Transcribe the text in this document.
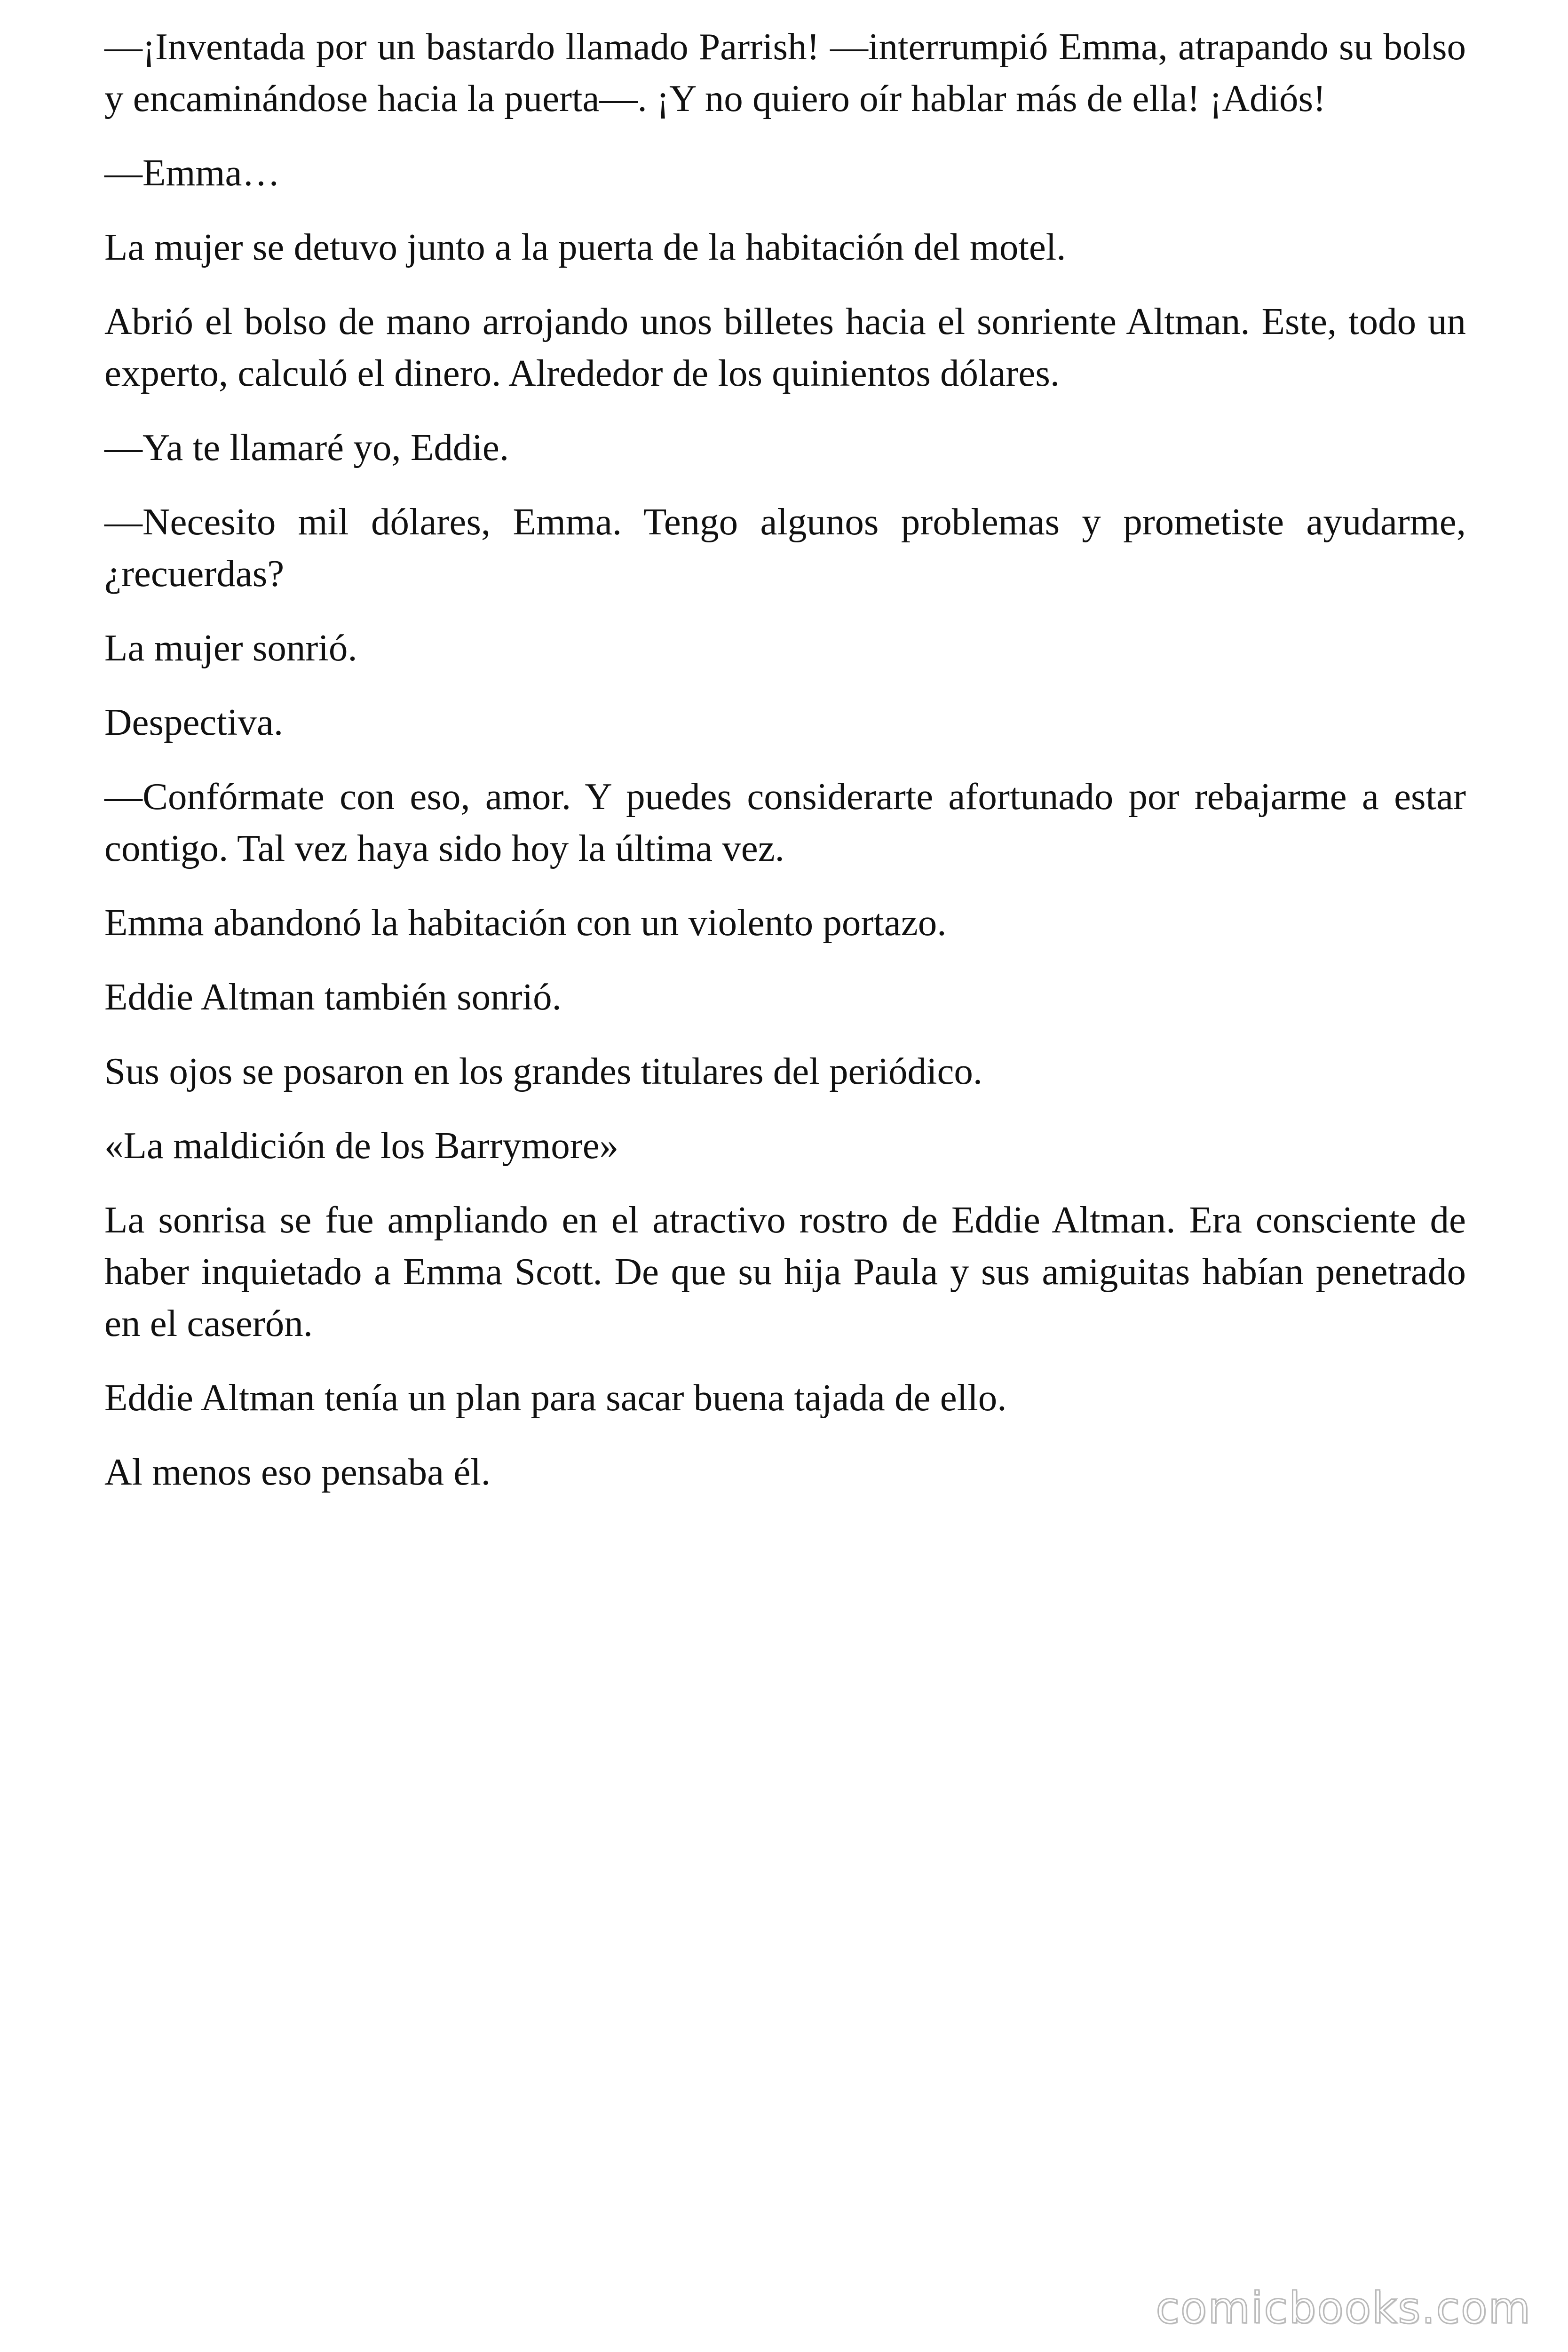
—¡Inventada por un bastardo llamado Parrish! —interrumpió Emma, atrapando su bolso y encaminándose hacia la puerta—. ¡Y no quiero oír hablar más de ella! ¡Adiós!

—Emma…

La mujer se detuvo junto a la puerta de la habitación del motel.

Abrió el bolso de mano arrojando unos billetes hacia el sonriente Altman. Este, todo un experto, calculó el dinero. Alrededor de los quinientos dólares.

—Ya te llamaré yo, Eddie.

—Necesito mil dólares, Emma. Tengo algunos problemas y prometiste ayudarme, ¿recuerdas?

La mujer sonrió.

Despectiva.

—Confórmate con eso, amor. Y puedes considerarte afortunado por rebajarme a estar contigo. Tal vez haya sido hoy la última vez.

Emma abandonó la habitación con un violento portazo.

Eddie Altman también sonrió.

Sus ojos se posaron en los grandes titulares del periódico.

«La maldición de los Barrymore»

La sonrisa se fue ampliando en el atractivo rostro de Eddie Altman. Era consciente de haber inquietado a Emma Scott. De que su hija Paula y sus amiguitas habían penetrado en el caserón.

Eddie Altman tenía un plan para sacar buena tajada de ello.

Al menos eso pensaba él.

comicbooks.com
